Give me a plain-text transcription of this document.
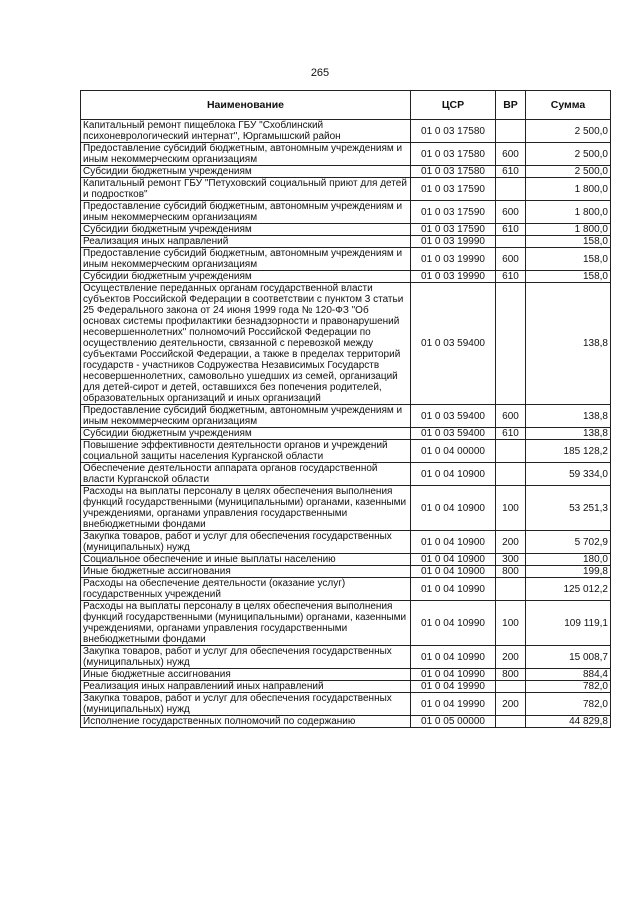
265
Наименование	ЦСР	ВР	Сумма
Капитальный ремонт пищеблока ГБУ "Схоблинский психоневрологический интернат", Юргамышский район	01 0 03 17580		2 500,0
Предоставление субсидий бюджетным, автономным учреждениям и иным некоммерческим организациям	01 0 03 17580	600	2 500,0
Субсидии бюджетным учреждениям	01 0 03 17580	610	2 500,0
Капитальный ремонт ГБУ "Петуховский социальный приют для детей и подростков"	01 0 03 17590		1 800,0
Предоставление субсидий бюджетным, автономным учреждениям и иным некоммерческим организациям	01 0 03 17590	600	1 800,0
Субсидии бюджетным учреждениям	01 0 03 17590	610	1 800,0
Реализация иных направлений	01 0 03 19990		158,0
Предоставление субсидий бюджетным, автономным учреждениям и иным некоммерческим организациям	01 0 03 19990	600	158,0
Субсидии бюджетным учреждениям	01 0 03 19990	610	158,0
Осуществление переданных органам государственной власти субъектов Российской Федерации в соответствии с пунктом 3 статьи 25 Федерального закона от 24 июня 1999 года № 120-ФЗ "Об основах системы профилактики безнадзорности и правонарушений несовершеннолетних" полномочий Российской Федерации по осуществлению деятельности, связанной с перевозкой между субъектами Российской Федерации, а также в пределах территорий государств - участников Содружества Независимых Государств несовершеннолетних, самовольно ушедших из семей, организаций для детей-сирот и детей, оставшихся без попечения родителей, образовательных организаций и иных организаций	01 0 03 59400		138,8
Предоставление субсидий бюджетным, автономным учреждениям и иным некоммерческим организациям	01 0 03 59400	600	138,8
Субсидии бюджетным учреждениям	01 0 03 59400	610	138,8
Повышение эффективности деятельности органов и учреждений социальной защиты населения Курганской области	01 0 04 00000		185 128,2
Обеспечение деятельности аппарата органов государственной власти Курганской области	01 0 04 10900		59 334,0
Расходы на выплаты персоналу в целях обеспечения выполнения функций государственными (муниципальными) органами, казенными учреждениями, органами управления государственными внебюджетными фондами	01 0 04 10900	100	53 251,3
Закупка товаров, работ и услуг для обеспечения государственных (муниципальных) нужд	01 0 04 10900	200	5 702,9
Социальное обеспечение и иные выплаты населению	01 0 04 10900	300	180,0
Иные бюджетные ассигнования	01 0 04 10900	800	199,8
Расходы на обеспечение деятельности (оказание услуг) государственных учреждений	01 0 04 10990		125 012,2
Расходы на выплаты персоналу в целях обеспечения выполнения функций государственными (муниципальными) органами, казенными учреждениями, органами управления государственными внебюджетными фондами	01 0 04 10990	100	109 119,1
Закупка товаров, работ и услуг для обеспечения государственных (муниципальных) нужд	01 0 04 10990	200	15 008,7
Иные бюджетные ассигнования	01 0 04 10990	800	884,4
Реализация иных направлениий иных направлений	01 0 04 19990		782,0
Закупка товаров, работ и услуг для обеспечения государственных (муниципальных) нужд	01 0 04 19990	200	782,0
Исполнение государственных полномочий по содержанию	01 0 05 00000		44 829,8
